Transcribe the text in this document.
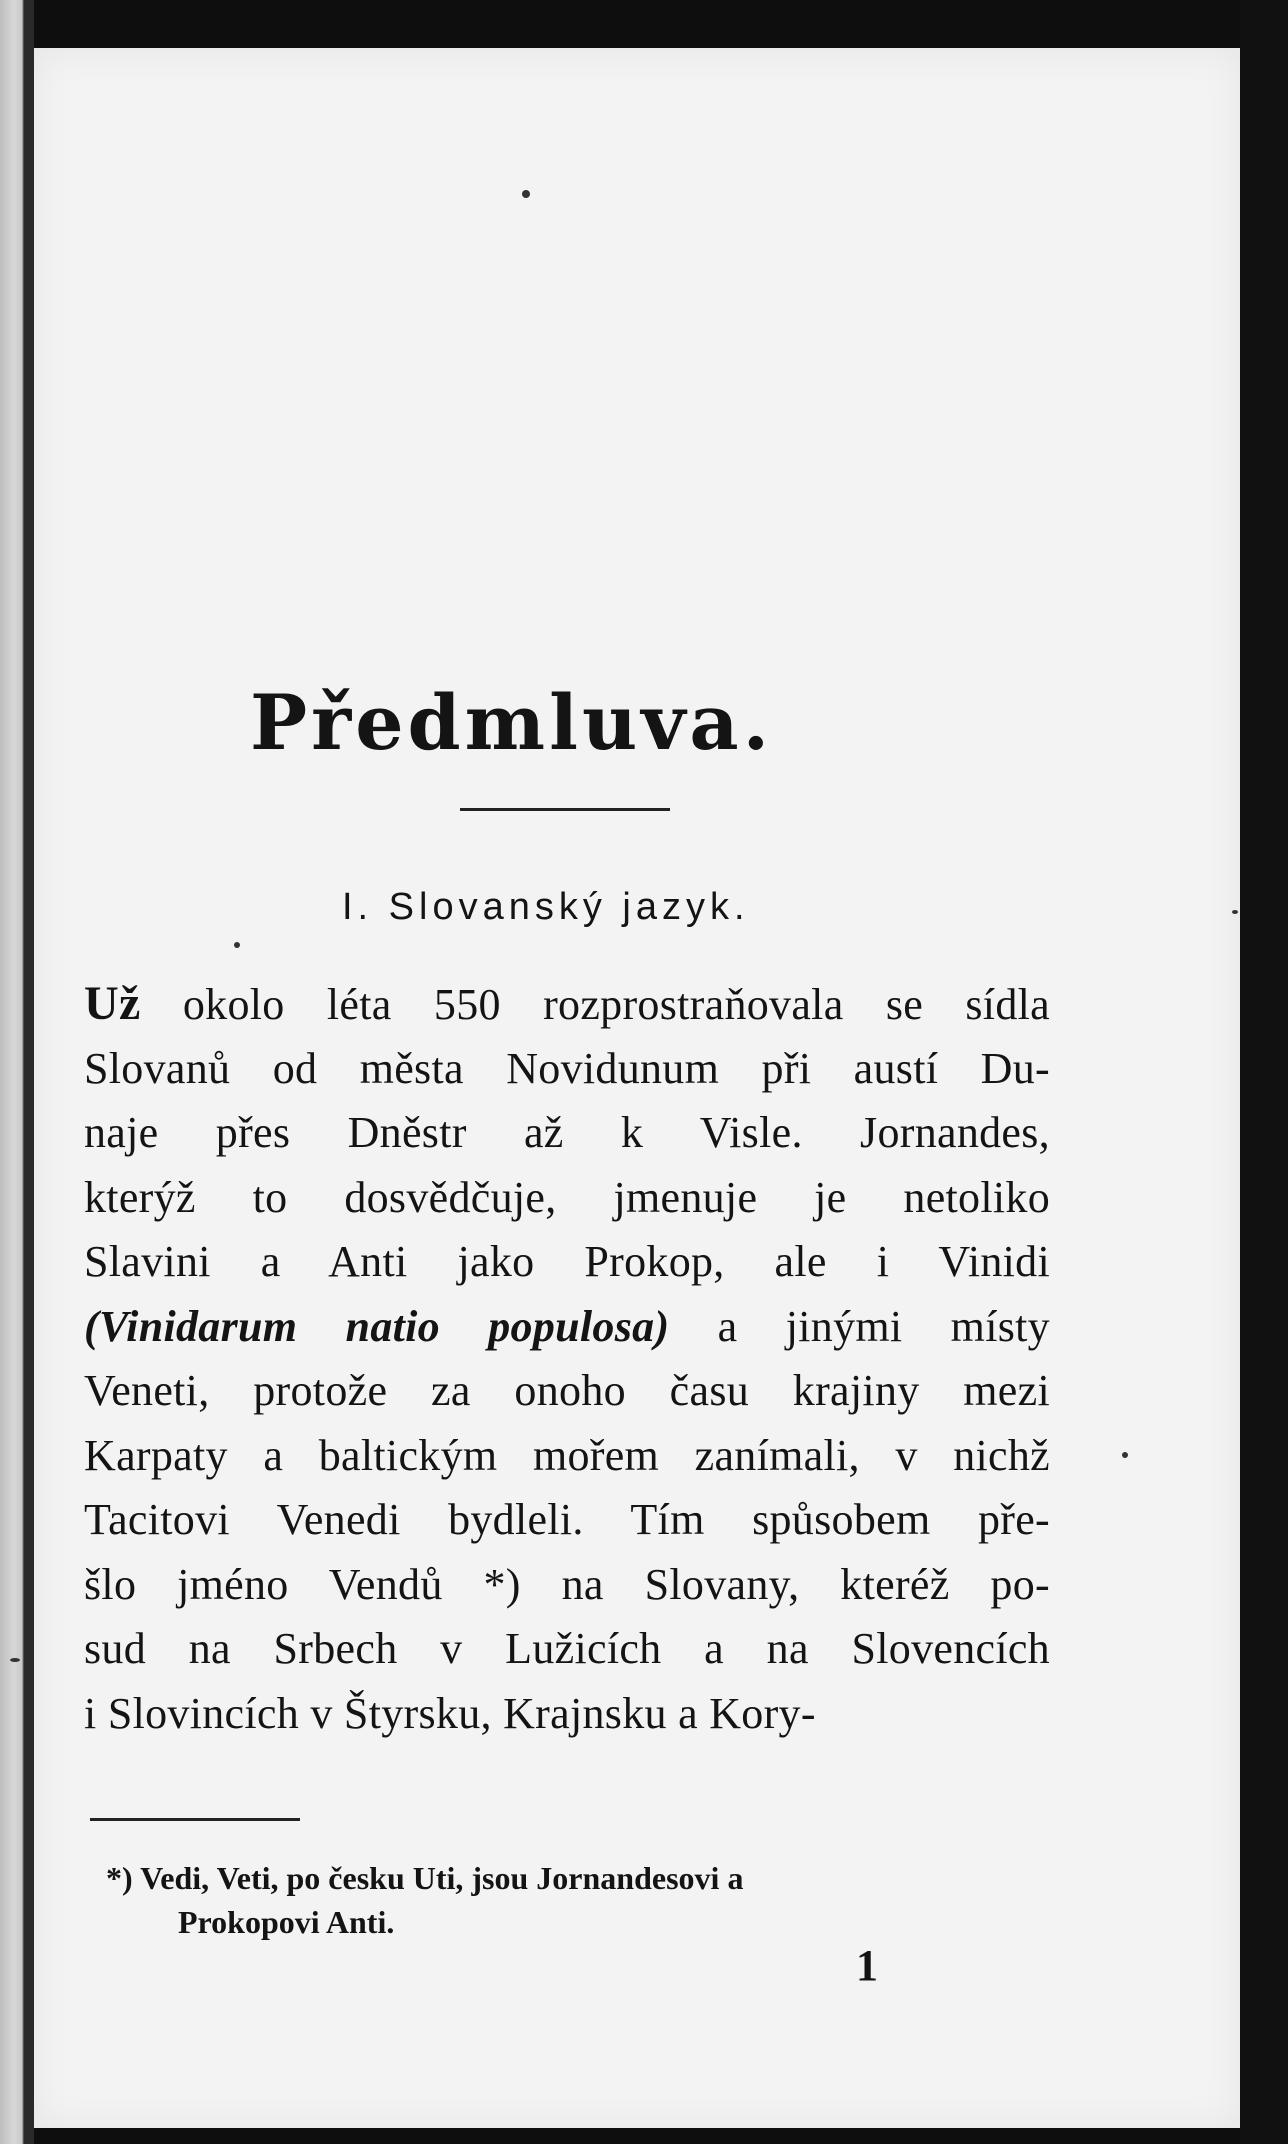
Předmluva.
I. Slovanský jazyk.
Už okolo léta 550 rozprostraňovala se sídla
Slovanů od města Novidunum při austí Du-
naje přes Dněstr až k Visle. Jornandes,
kterýž to dosvědčuje, jmenuje je netoliko
Slavini a Anti jako Prokop, ale i Vinidi
(Vinidarum natio populosa) a jinými místy
Veneti, protože za onoho času krajiny mezi
Karpaty a baltickým mořem zanímali, v nichž
Tacitovi Venedi bydleli. Tím spůsobem pře-
šlo jméno Vendů *) na Slovany, kteréž po-
sud na Srbech v Lužicích a na Slovencích
i Slovincích v Štyrsku, Krajnsku a Kory-
*) Vedi, Veti, po česku Uti, jsou Jornandesovi a
Prokopovi Anti.
1
